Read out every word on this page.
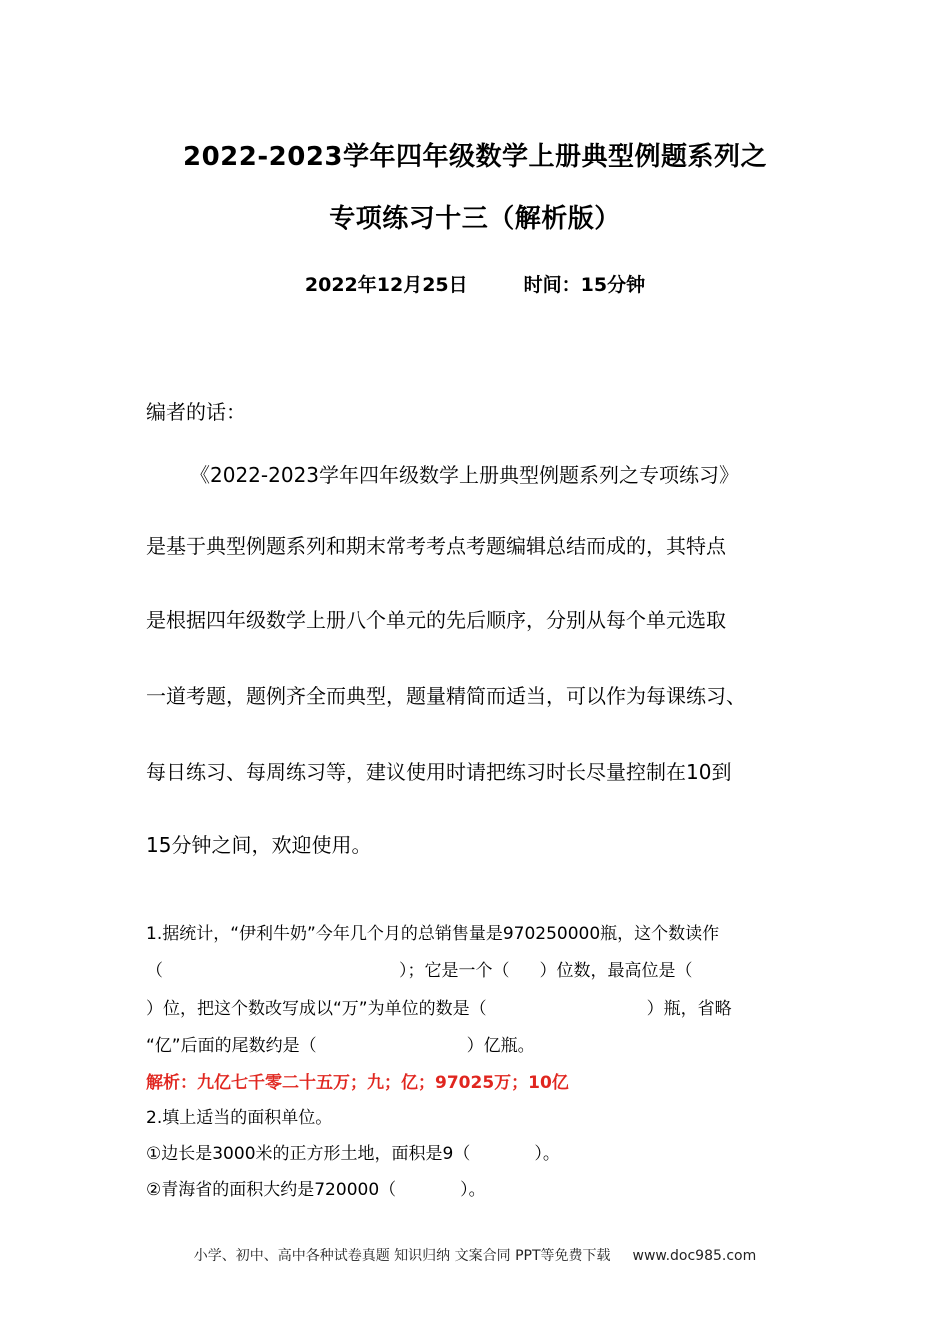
2022-2023学年四年级数学上册典型例题系列之
专项练习十三（解析版）
2022年12月25日	时间：15分钟
编者的话：
《2022-2023学年四年级数学上册典型例题系列之专项练习》
是基于典型例题系列和期末常考考点考题编辑总结而成的，其特点
是根据四年级数学上册八个单元的先后顺序，分别从每个单元选取
一道考题，题例齐全而典型，题量精简而适当，可以作为每课练习、
每日练习、每周练习等，建议使用时请把练习时长尽量控制在10到
15分钟之间，欢迎使用。
1.据统计，“伊利牛奶”今年几个月的总销售量是970250000瓶，这个数读作
（	）；它是一个（ ）位数，最高位是（
）位，把这个数改写成以“万”为单位的数是（	）瓶，省略
“亿”后面的尾数约是（	）亿瓶。
解析：九亿七千零二十五万；九；亿；97025万；10亿
2.填上适当的面积单位。
①边长是3000米的正方形土地，面积是9（	）。
②青海省的面积大约是720000（	）。
小学、初中、高中各种试卷真题 知识归纳 文案合同 PPT等免费下载 www.doc985.com
